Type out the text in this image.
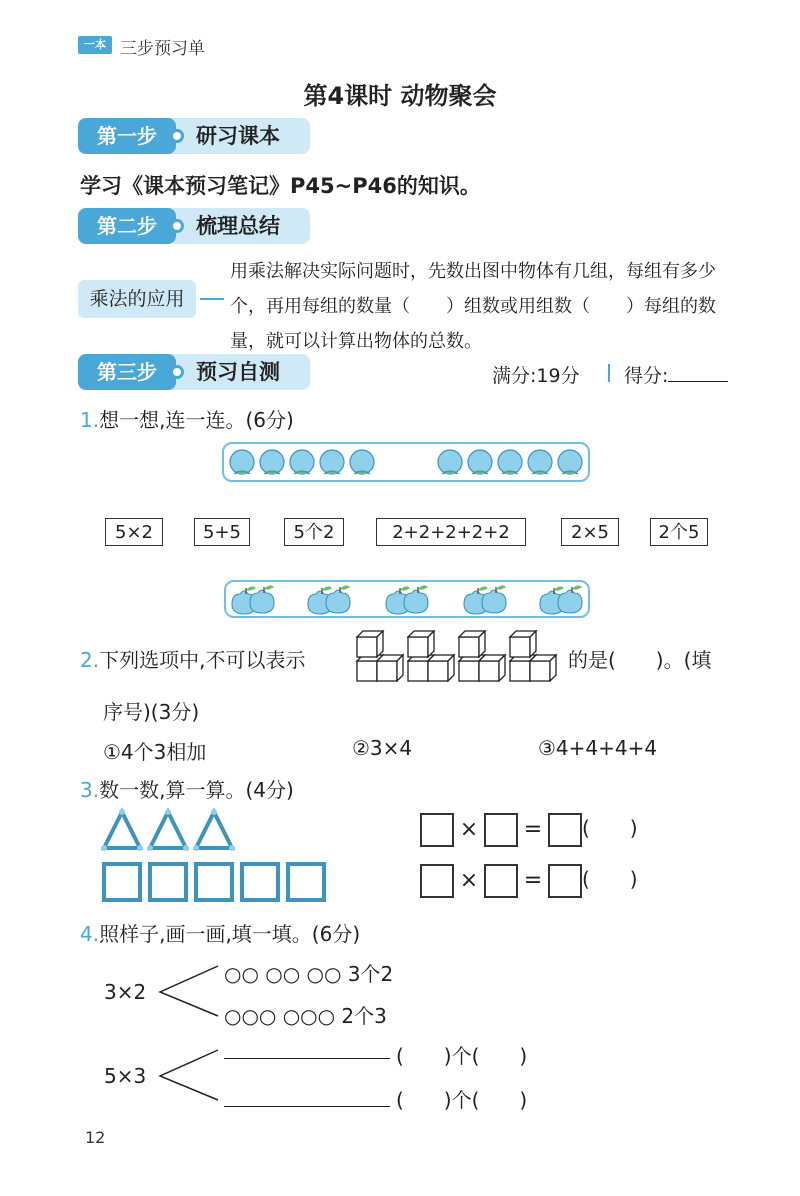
一本 三步预习单
第4课时 动物聚会
第一步	研习课本
学习《课本预习笔记》P45~P46的知识。
第二步	梳理总结
乘法的应用
用乘法解决实际问题时，先数出图中物体有几组，每组有多少个，再用每组的数量（　　）组数或用组数（　　）每组的数量，就可以计算出物体的总数。
第三步	预习自测	满分:19分 得分:
1.想一想,连一连。(6分)
5×2	5+5	5个2	2+2+2+2+2	2×5	2个5
2.下列选项中,不可以表示	的是(　　)。(填
序号)(3分)
①4个3相加	②3×4	③4+4+4+4
3.数一数,算一算。(4分)
× = (　　)
× = (　　)
4.照样子,画一画,填一填。(6分)
3×2
○○ ○○ ○○ 3个2
○○○ ○○○ 2个3
5×3
(　　)个(　　)
(　　)个(　　)
12
